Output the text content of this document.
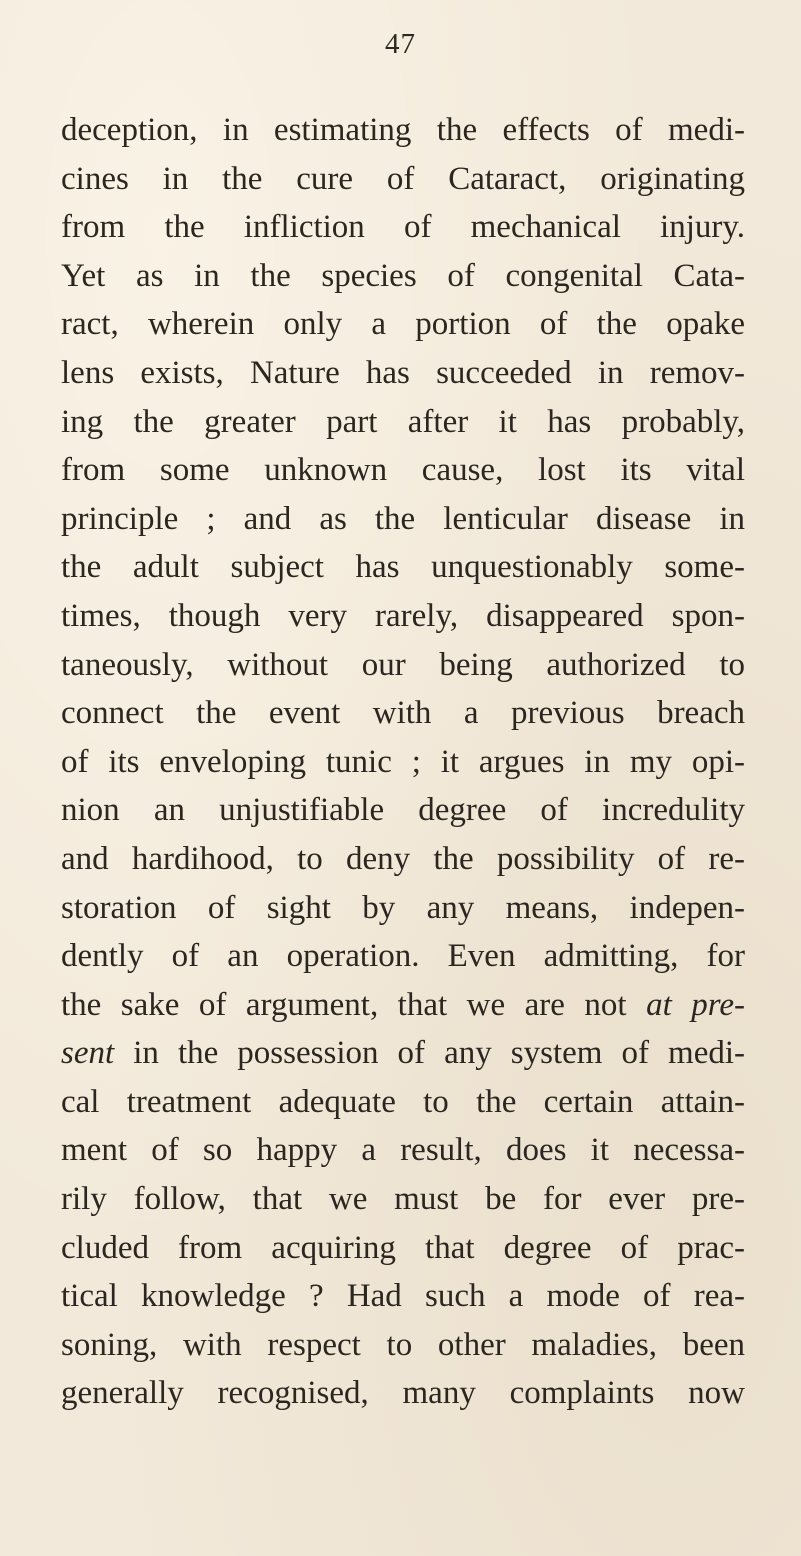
47
deception, in estimating the effects of medi-
cines in the cure of Cataract, originating
from the infliction of mechanical injury.
Yet as in the species of congenital Cata-
ract, wherein only a portion of the opake
lens exists, Nature has succeeded in remov-
ing the greater part after it has probably,
from some unknown cause, lost its vital
principle ; and as the lenticular disease in
the adult subject has unquestionably some-
times, though very rarely, disappeared spon-
taneously, without our being authorized to
connect the event with a previous breach
of its enveloping tunic ; it argues in my opi-
nion an unjustifiable degree of incredulity
and hardihood, to deny the possibility of re-
storation of sight by any means, indepen-
dently of an operation. Even admitting, for
the sake of argument, that we are not at pre-
sent in the possession of any system of medi-
cal treatment adequate to the certain attain-
ment of so happy a result, does it necessa-
rily follow, that we must be for ever pre-
cluded from acquiring that degree of prac-
tical knowledge ? Had such a mode of rea-
soning, with respect to other maladies, been
generally recognised, many complaints now
